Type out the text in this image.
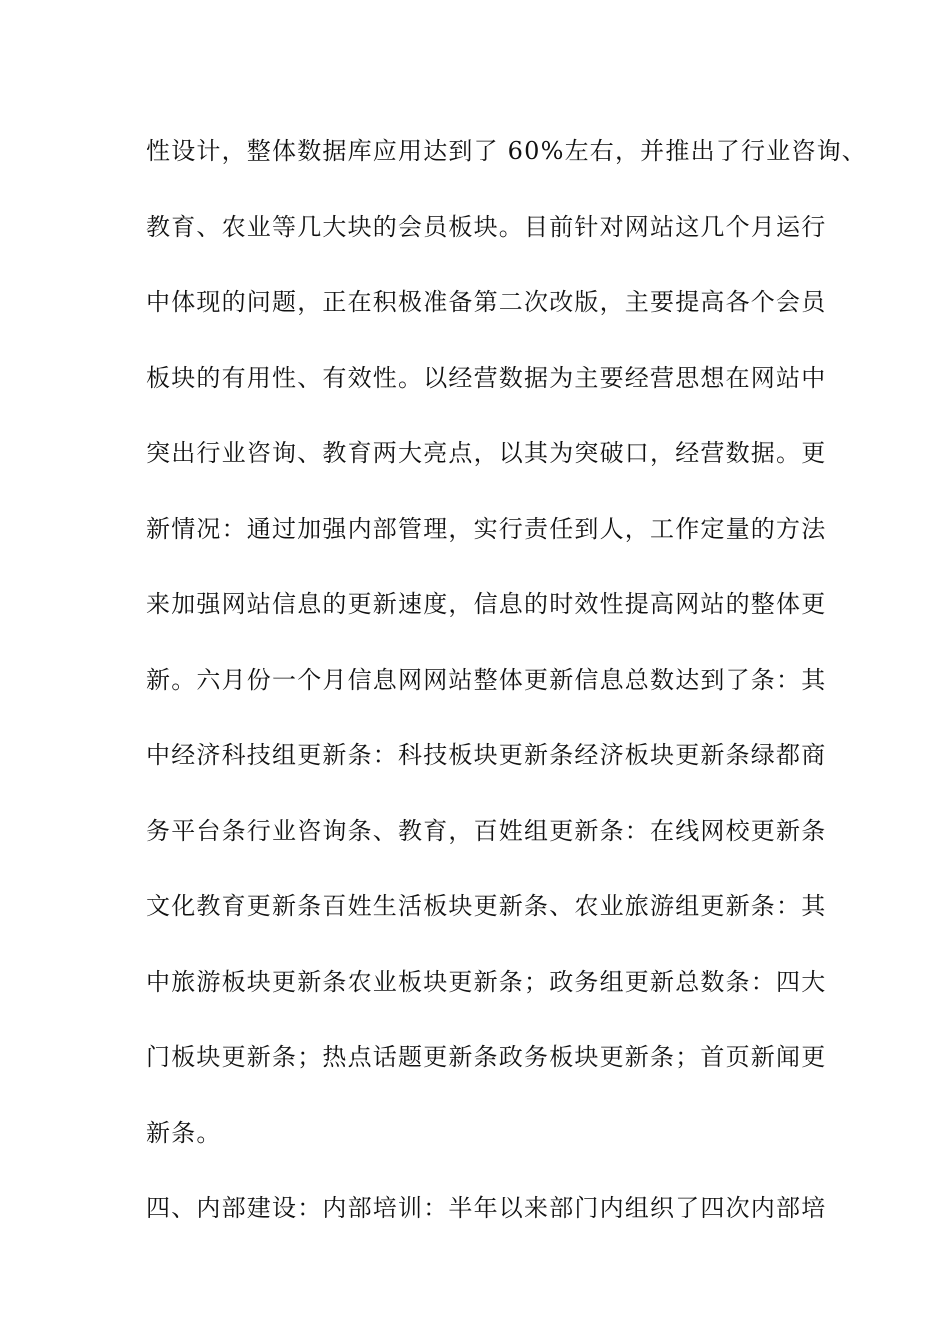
性设计，整体数据库应用达到了 60%左右，并推出了行业咨询、
教育、农业等几大块的会员板块。目前针对网站这几个月运行
中体现的问题，正在积极准备第二次改版，主要提高各个会员
板块的有用性、有效性。以经营数据为主要经营思想在网站中
突出行业咨询、教育两大亮点，以其为突破口，经营数据。更
新情况：通过加强内部管理，实行责任到人，工作定量的方法
来加强网站信息的更新速度，信息的时效性提高网站的整体更
新。六月份一个月信息网网站整体更新信息总数达到了条：其
中经济科技组更新条：科技板块更新条经济板块更新条绿都商
务平台条行业咨询条、教育，百姓组更新条：在线网校更新条
文化教育更新条百姓生活板块更新条、农业旅游组更新条：其
中旅游板块更新条农业板块更新条；政务组更新总数条：四大
门板块更新条；热点话题更新条政务板块更新条；首页新闻更
新条。
四、内部建设：内部培训：半年以来部门内组织了四次内部培
